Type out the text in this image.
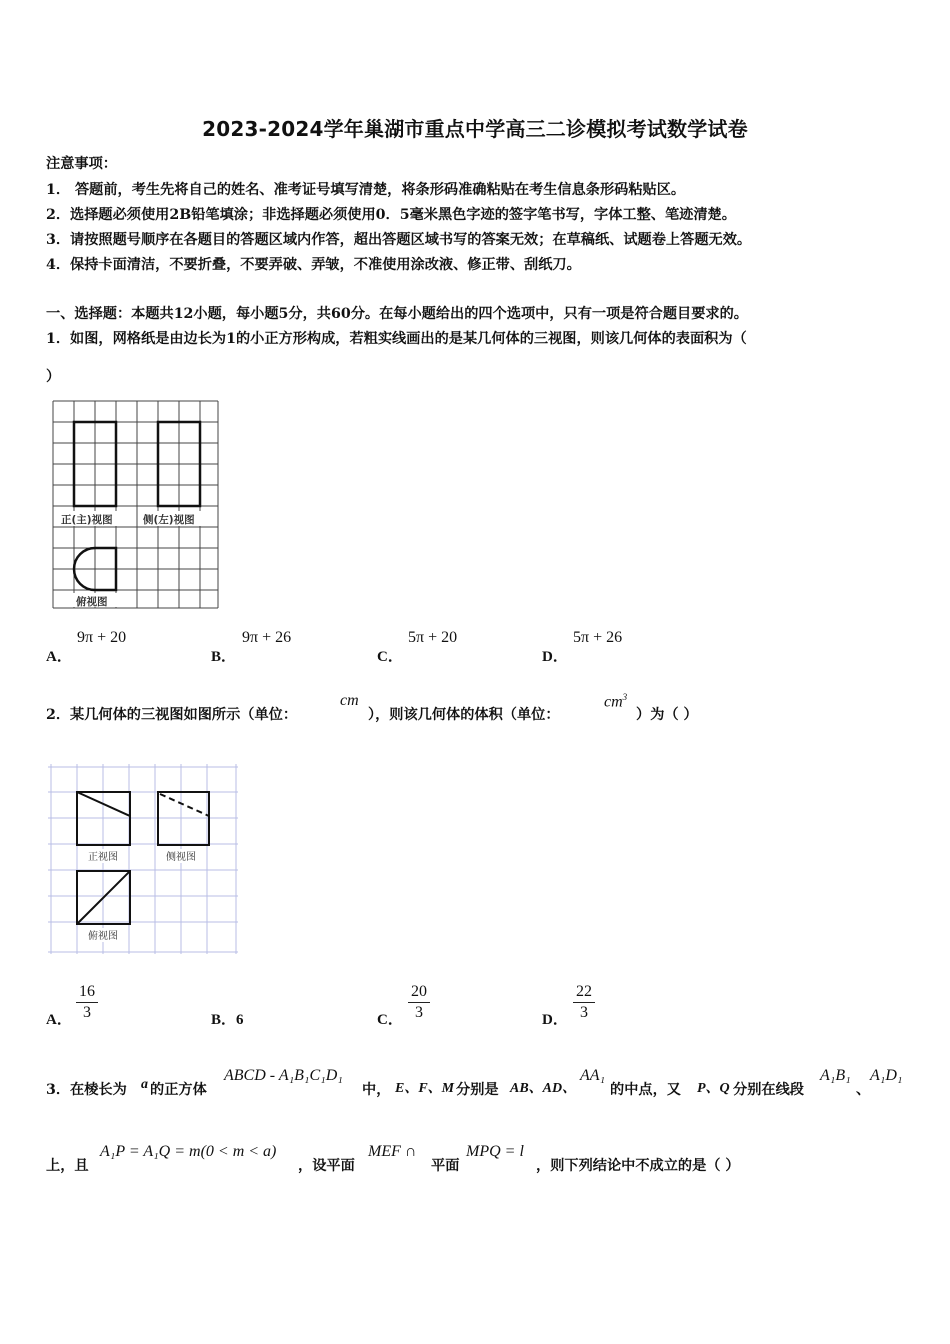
2023-2024学年巢湖市重点中学高三二诊模拟考试数学试卷
注意事项：
1． 答题前，考生先将自己的姓名、准考证号填写清楚，将条形码准确粘贴在考生信息条形码粘贴区。
2．选择题必须使用2B铅笔填涂；非选择题必须使用0．5毫米黑色字迹的签字笔书写，字体工整、笔迹清楚。
3．请按照题号顺序在各题目的答题区域内作答，超出答题区域书写的答案无效；在草稿纸、试题卷上答题无效。
4．保持卡面清洁，不要折叠，不要弄破、弄皱，不准使用涂改液、修正带、刮纸刀。
一、选择题：本题共12小题，每小题5分，共60分。在每小题给出的四个选项中，只有一项是符合题目要求的。
1．如图，网格纸是由边长为1的小正方形构成，若粗实线画出的是某几何体的三视图，则该几何体的表面积为（
）
正(主)视图	侧(左)视图
俯视图
A．
9π + 20
B．
9π + 26
C．
5π + 20
D．
5π + 26
2．某几何体的三视图如图所示（单位：
cm
），则该几何体的体积（单位：
$cm^3$
）为（ ）
正视图	侧视图
俯视图
A． $\frac{16}{3}$	B．6	C． $\frac{20}{3}$	D． $\frac{22}{3}$
3．在棱长为 a 的正方体
ABCD - A₁B₁C₁D₁
中， E、F、M 分别是 AB、AD、
AA₁
的中点，又 P、Q 分别在线段
A₁B₁
、
A₁D₁
上，且
A₁P = A₁Q = m(0 < m < a)
，设平面
MEF ∩
平面
MPQ = l
，则下列结论中不成立的是（ ）
